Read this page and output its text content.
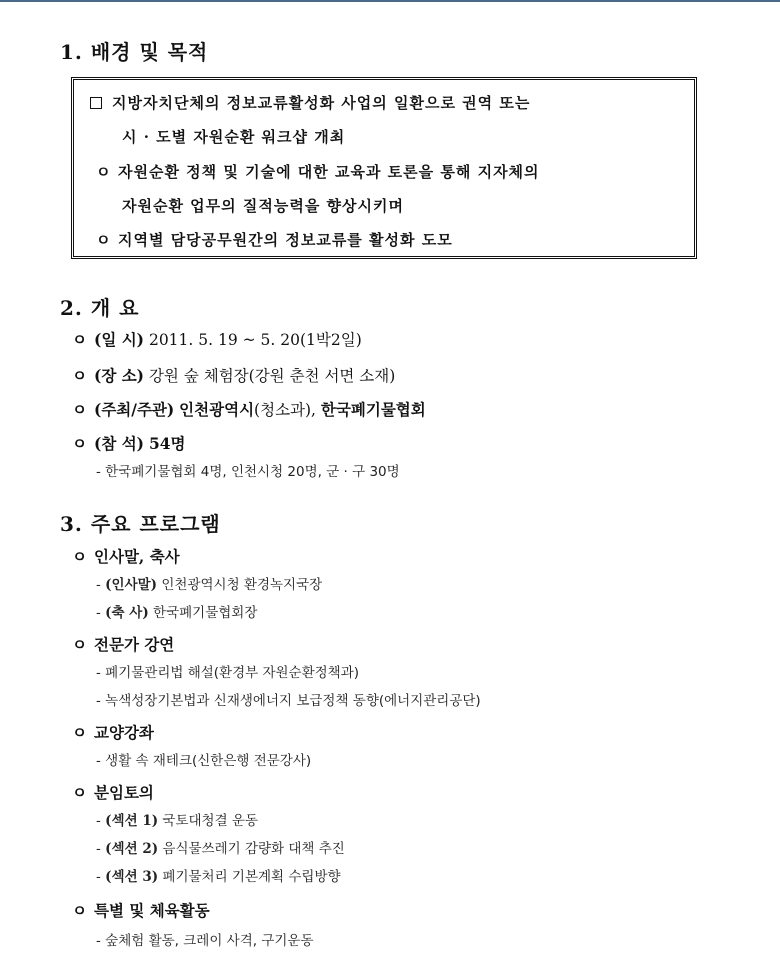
1. 배경 및 목적
지방자치단체의 정보교류활성화 사업의 일환으로 권역 또는
시 · 도별 자원순환 워크샵 개최
ㅇ 자원순환 정책 및 기술에 대한 교육과 토론을 통해 지자체의
자원순환 업무의 질적능력을 향상시키며
ㅇ 지역별 담당공무원간의 정보교류를 활성화 도모
2. 개 요
ㅇ (일 시) 2011. 5. 19 ~ 5. 20(1박2일)
ㅇ (장 소) 강원 숲 체험장(강원 춘천 서면 소재)
ㅇ (주최/주관) 인천광역시(청소과), 한국폐기물협회
ㅇ (참 석) 54명
- 한국폐기물협회 4명, 인천시청 20명, 군 · 구 30명
3. 주요 프로그램
ㅇ 인사말, 축사
- (인사말) 인천광역시청 환경녹지국장
- (축 사) 한국폐기물협회장
ㅇ 전문가 강연
- 폐기물관리법 해설(환경부 자원순환정책과)
- 녹색성장기본법과 신재생에너지 보급정책 동향(에너지관리공단)
ㅇ 교양강좌
- 생활 속 재테크(신한은행 전문강사)
ㅇ 분임토의
- (섹션 1) 국토대청결 운동
- (섹션 2) 음식물쓰레기 감량화 대책 추진
- (섹션 3) 폐기물처리 기본계획 수립방향
ㅇ 특별 및 체육활동
- 숲체험 활동, 크레이 사격, 구기운동
